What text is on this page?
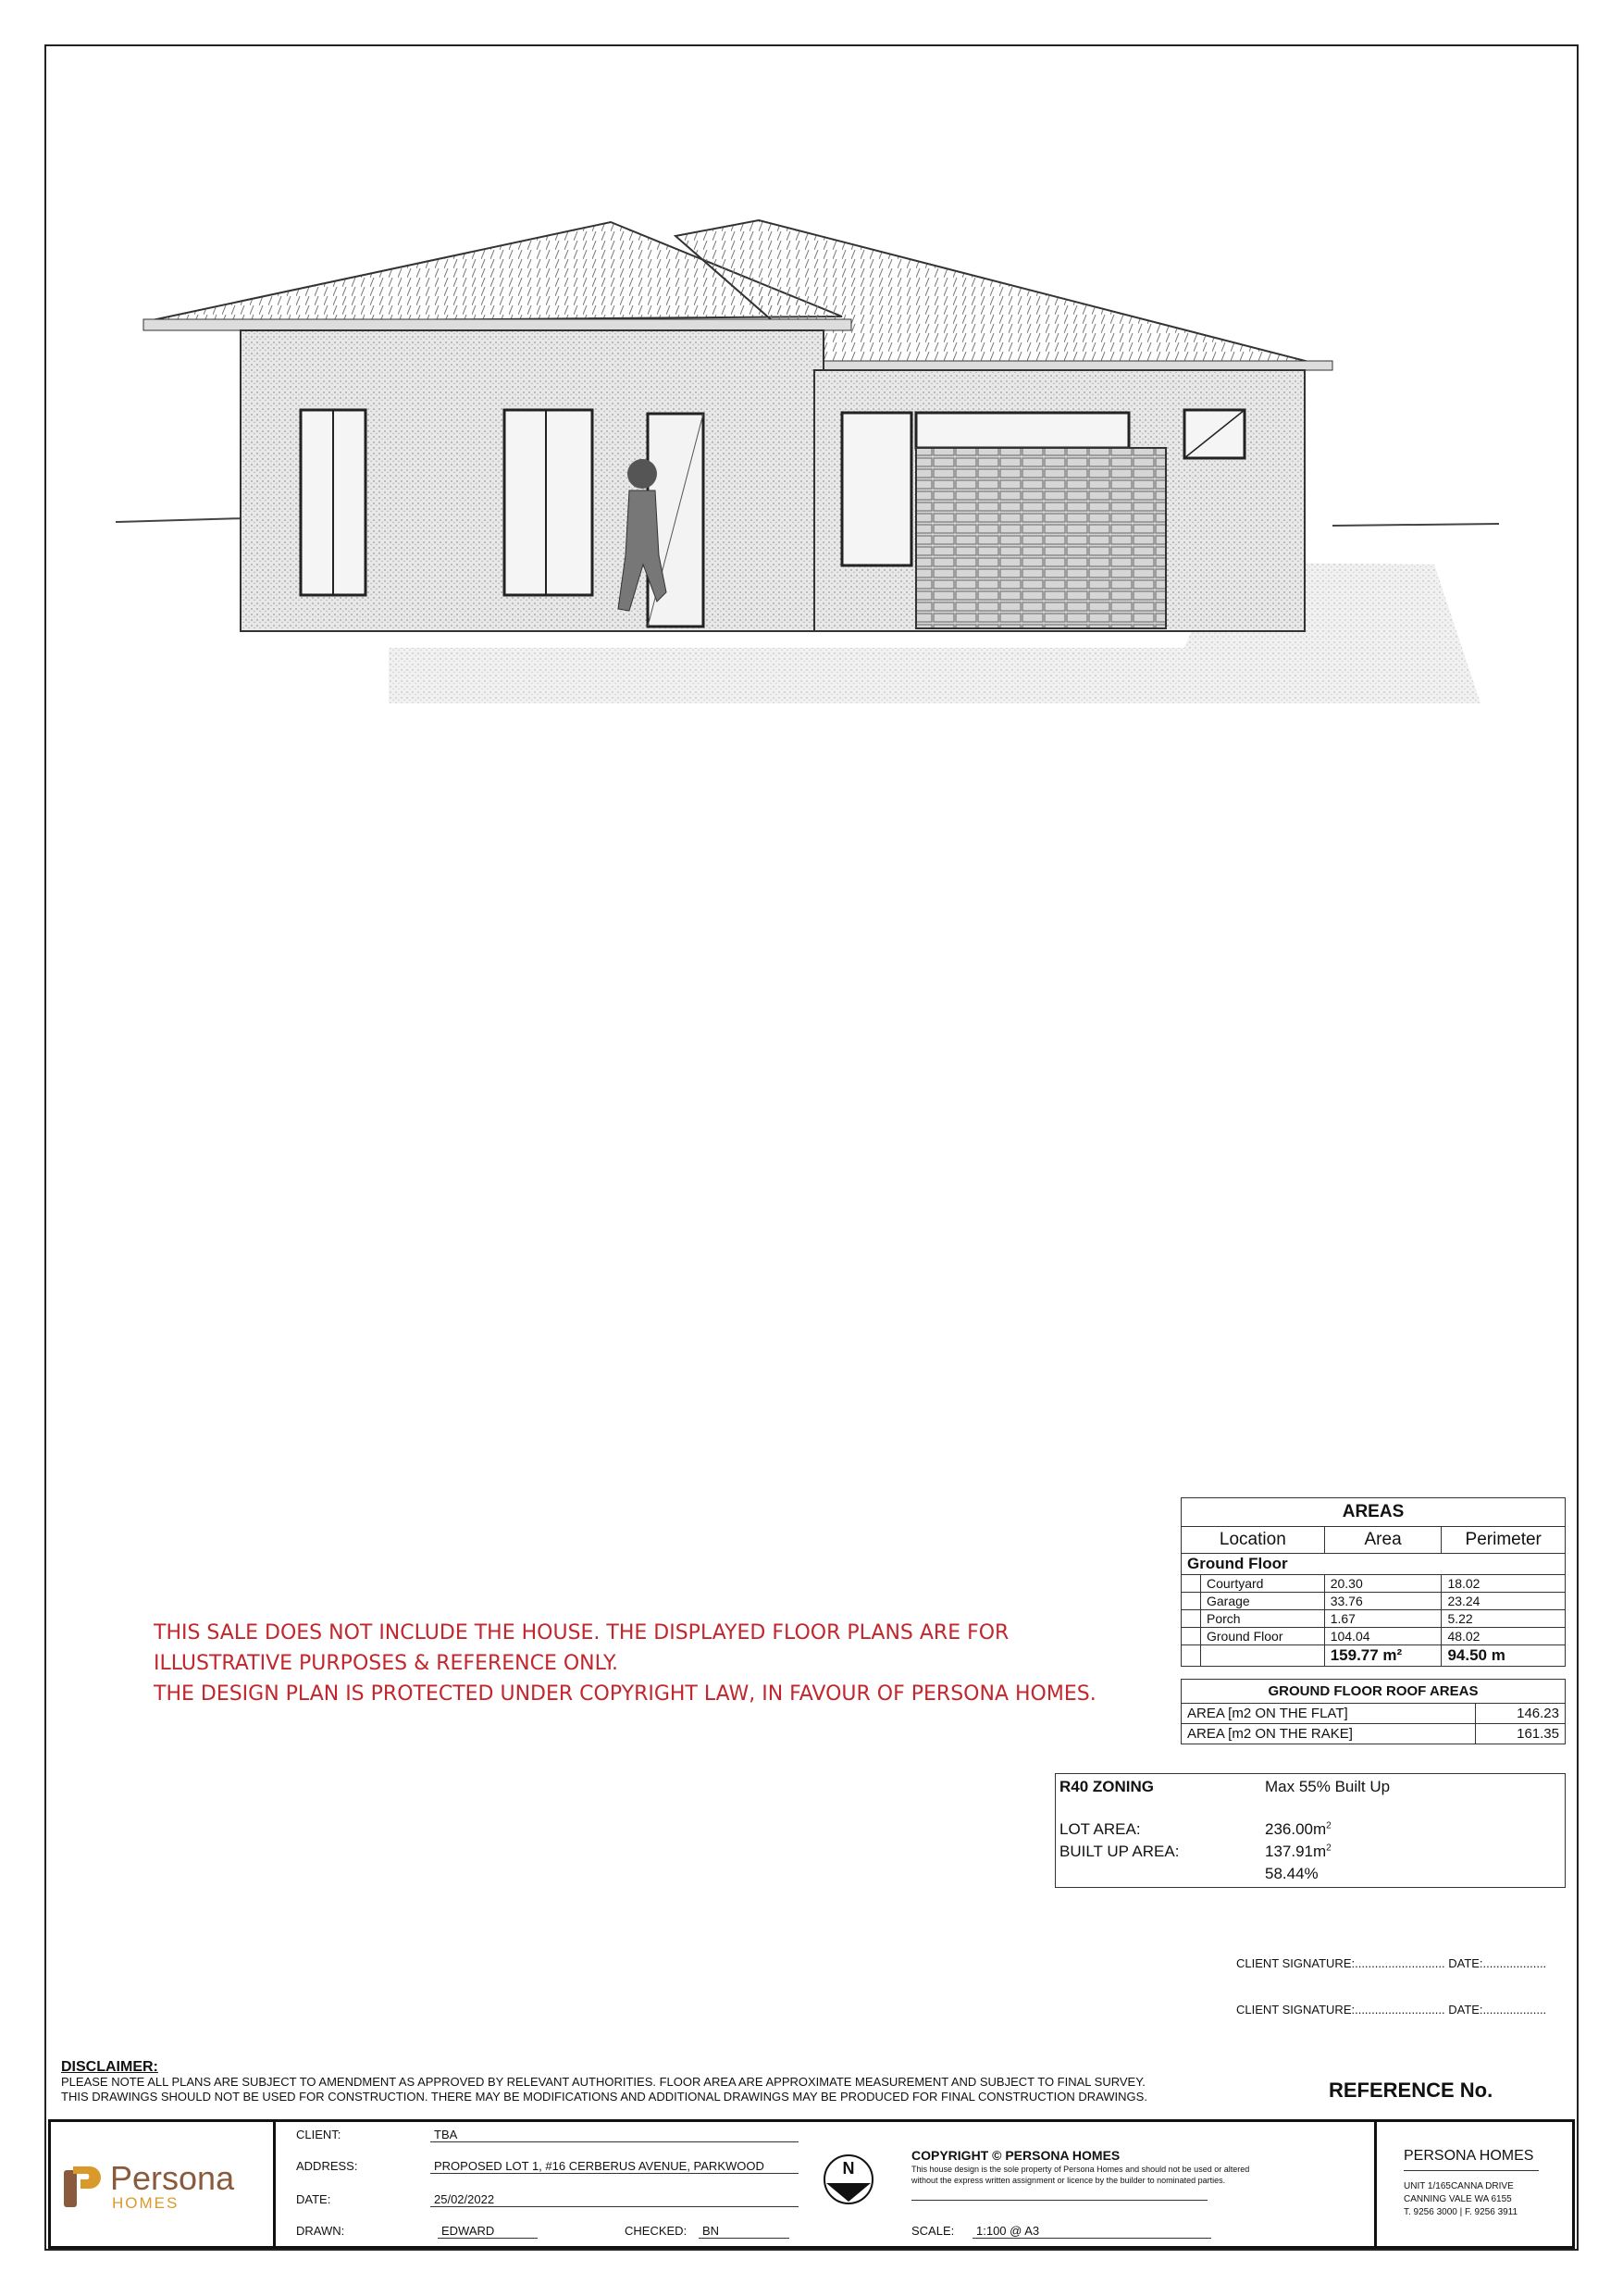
THIS SALE DOES NOT INCLUDE THE HOUSE. THE DISPLAYED FLOOR PLANS ARE FOR
ILLUSTRATIVE PURPOSES & REFERENCE ONLY.
THE DESIGN PLAN IS PROTECTED UNDER COPYRIGHT LAW, IN FAVOUR OF PERSONA HOMES.
AREAS			
Location		Area	Perimeter
Ground Floor			
	Courtyard	20.30	18.02
	Garage	33.76	23.24
	Porch	1.67	5.22
	Ground Floor	104.04	48.02
		159.77 m²	94.50 m
GROUND FLOOR ROOF AREAS	
AREA [m2 ON THE FLAT]	146.23
AREA [m2 ON THE RAKE]	161.35
R40 ZONING	Max 55% Built Up
LOT AREA:	$236.00m^2$
BUILT UP AREA:	$137.91m^2$
58.44%
CLIENT SIGNATURE:........................... DATE:...................
CLIENT SIGNATURE:........................... DATE:...................
DISCLAIMER:
PLEASE NOTE ALL PLANS ARE SUBJECT TO AMENDMENT AS APPROVED BY RELEVANT AUTHORITIES. FLOOR AREA ARE APPROXIMATE MEASUREMENT AND SUBJECT TO FINAL SURVEY.
THIS DRAWINGS SHOULD NOT BE USED FOR CONSTRUCTION. THERE MAY BE MODIFICATIONS AND ADDITIONAL DRAWINGS MAY BE PRODUCED FOR FINAL CONSTRUCTION DRAWINGS.	REFERENCE No.
Persona
HOMES
CLIENT:	TBA
ADDRESS:	PROPOSED LOT 1, #16 CERBERUS AVENUE, PARKWOOD
DATE:	25/02/2022
DRAWN:	EDWARD	CHECKED:	BN
N
COPYRIGHT © PERSONA HOMES
This house design is the sole property of Persona Homes and should not be used or altered
without the express written assignment or licence by the builder to nominated parties.
SCALE:	1:100 @ A3
PERSONA HOMES
UNIT 1/165CANNA DRIVE
CANNING VALE WA 6155
T. 9256 3000 | F. 9256 3911
